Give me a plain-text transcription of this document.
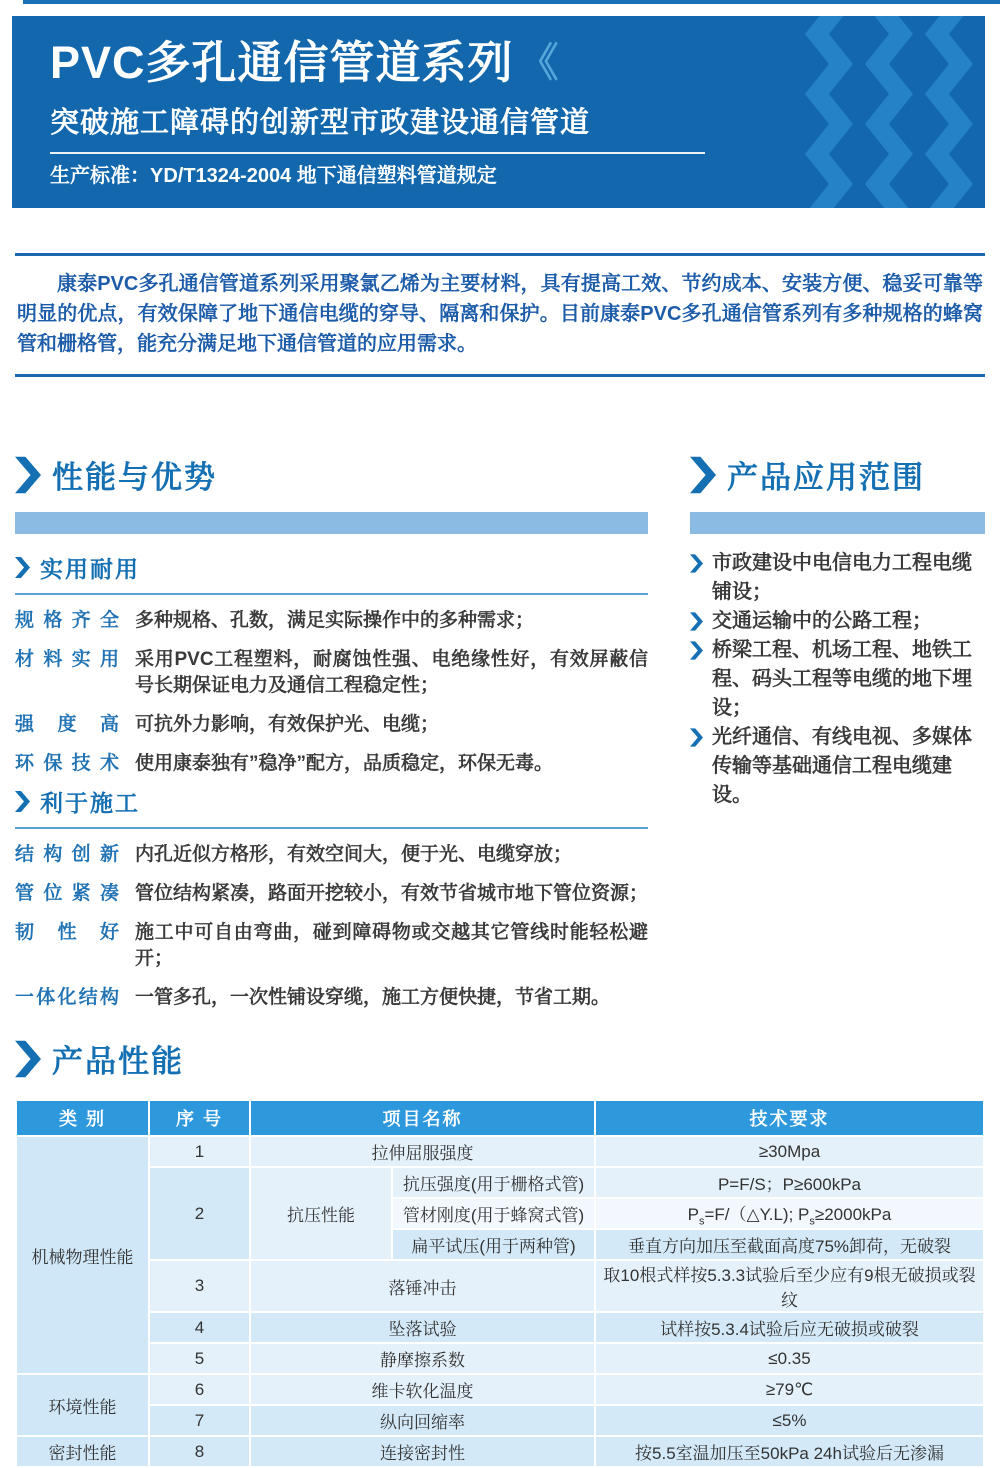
PVC多孔通信管道系列 《
突破施工障碍的创新型市政建设通信管道
生产标准：YD/T1324-2004 地下通信塑料管道规定

康泰PVC多孔通信管道系列采用聚氯乙烯为主要材料，具有提高工效、节约成本、安装方便、稳妥可靠等明显的优点，有效保障了地下通信电缆的穿导、隔离和保护。目前康泰PVC多孔通信管系列有多种规格的蜂窝管和栅格管，能充分满足地下通信管道的应用需求。

性能与优势
实用耐用
规格齐全 多种规格、孔数，满足实际操作中的多种需求；
材料实用 采用PVC工程塑料，耐腐蚀性强、电绝缘性好，有效屏蔽信号长期保证电力及通信工程稳定性；
强度高 可抗外力影响，有效保护光、电缆；
环保技术 使用康泰独有”稳净”配方，品质稳定，环保无毒。
利于施工
结构创新 内孔近似方格形，有效空间大，便于光、电缆穿放；
管位紧凑 管位结构紧凑，路面开挖较小，有效节省城市地下管位资源；
韧性好 施工中可自由弯曲，碰到障碍物或交越其它管线时能轻松避开；
一体化结构 一管多孔，一次性铺设穿缆，施工方便快捷，节省工期。
产品应用范围
市政建设中电信电力工程电缆铺设；
交通运输中的公路工程；
桥梁工程、机场工程、地铁工程、码头工程等电缆的地下埋设；
光纤通信、有线电视、多媒体传输等基础通信工程电缆建设。
产品性能
类 别	序 号	项目名称		技术要求
机械物理性能	1	拉伸屈服强度		≥30Mpa
	2	抗压性能	抗压强度(用于栅格式管)	P=F/S；P≥600kPa
			管材刚度(用于蜂窝式管)	$P_s=F/(\triangle Y.L)$; $P_s\ge 2000kPa$
			扁平试压(用于两种管)	垂直方向加压至截面高度75%卸荷，无破裂
	3	落锤冲击		取10根式样按5.3.3试验后至少应有9根无破损或裂纹
	4	坠落试验		试样按5.3.4试验后应无破损或破裂
	5	静摩擦系数		≤0.35
环境性能	6	维卡软化温度		≥79℃
	7	纵向回缩率		≤5%
密封性能	8	连接密封性		按5.5室温加压至50kPa 24h试验后无渗漏
